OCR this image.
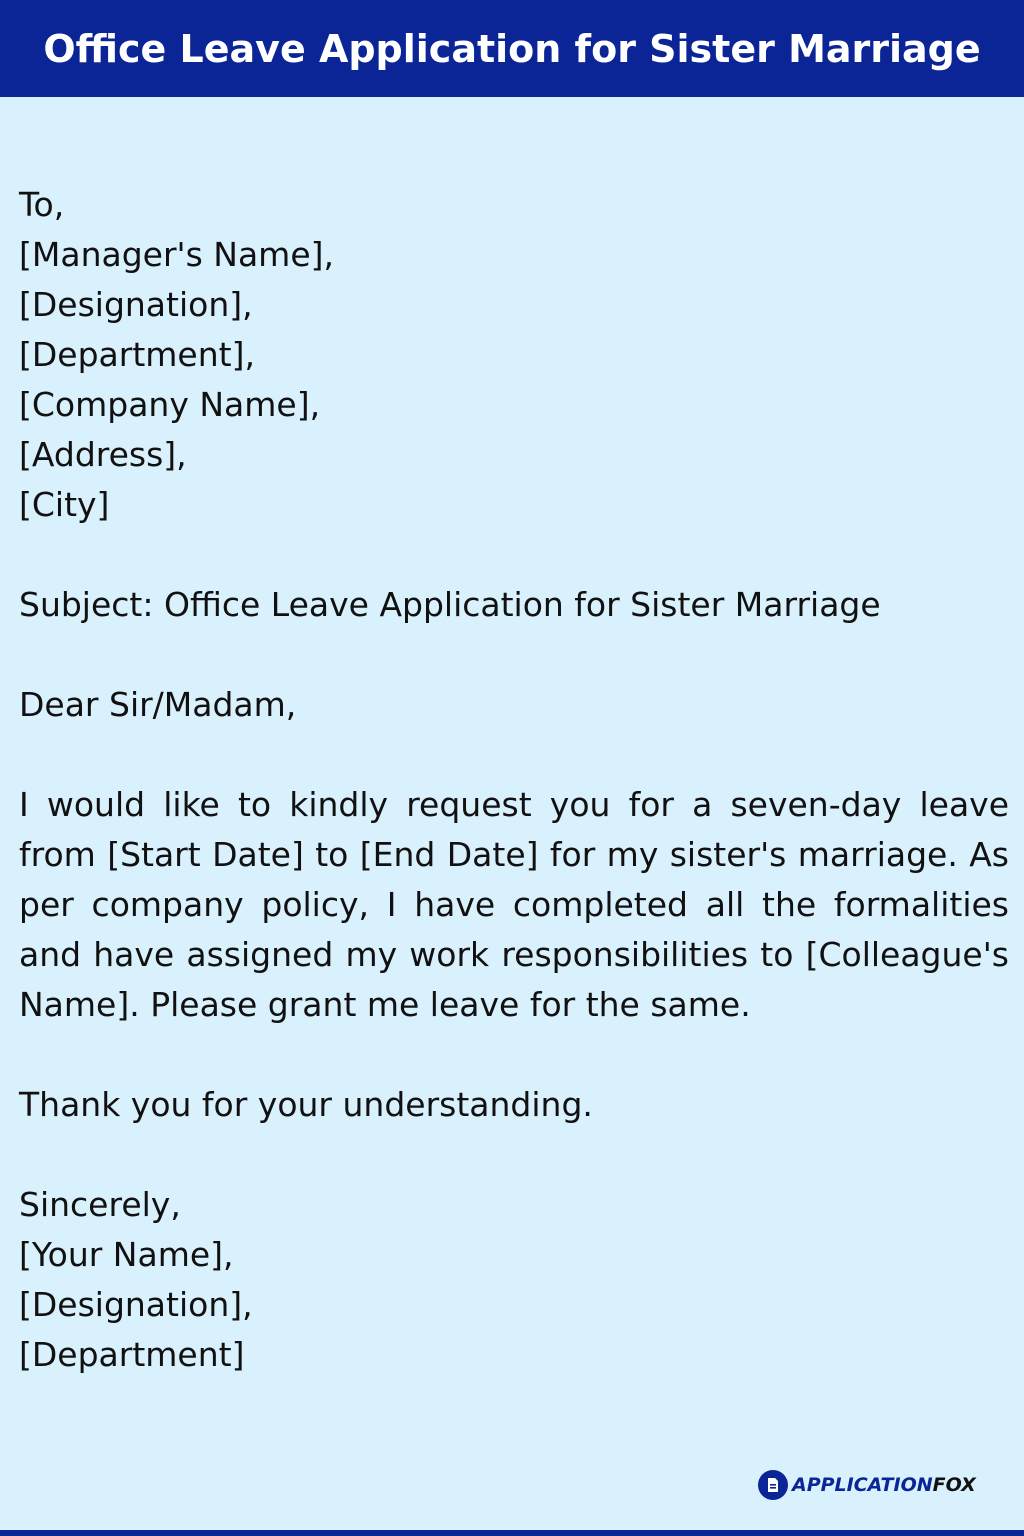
Office Leave Application for Sister Marriage
To,
[Manager's Name],
[Designation],
[Department],
[Company Name],
[Address],
[City]
Subject: Office Leave Application for Sister Marriage
Dear Sir/Madam,
I would like to kindly request you for a seven-day leave from [Start Date] to [End Date] for my sister's marriage. As per company policy, I have completed all the formalities and have assigned my work responsibilities to [Colleague's Name]. Please grant me leave for the same.
Thank you for your understanding.
Sincerely,
[Your Name],
[Designation],
[Department]
APPLICATIONFOX
